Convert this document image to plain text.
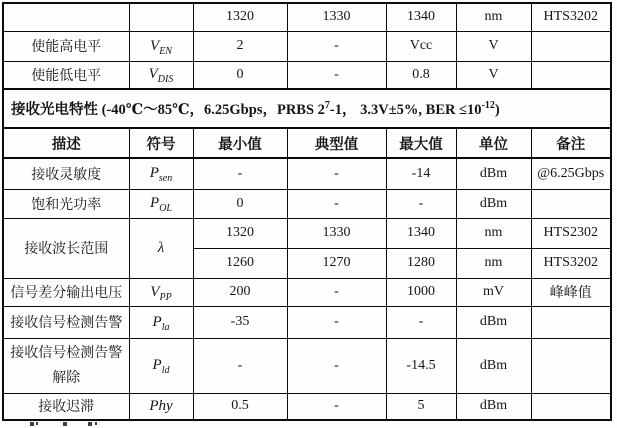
		1320	1330	1340	nm	HTS3202
使能高电平	$V_{EN}$	2	-	Vcc	V	
使能低电平	$V_{DIS}$	0	-	0.8	V	
接收光电特性 (-40℃～85℃，6.25Gbps，PRBS $2^7-1$， 3.3V±5%, BER $\le 10^{-12}$)						
描述	符号	最小值	典型值	最大值	单位	备注
接收灵敏度	$P_{sen}$	-	-	-14	dBm	@6.25Gbps
饱和光功率	$P_{OL}$	0	-	-	dBm	
接收波长范围	λ	1320	1330	1340	nm	HTS2302
		1260	1270	1280	nm	HTS3202
信号差分输出电压	$V_{PP}$	200	-	1000	mV	峰峰值
接收信号检测告警	$P_{la}$	-35	-	-	dBm	

接收信号检测告警
解除	$P_{ld}$	-	-	-14.5	dBm	
接收迟滞	Phy	0.5	-	5	dBm	
